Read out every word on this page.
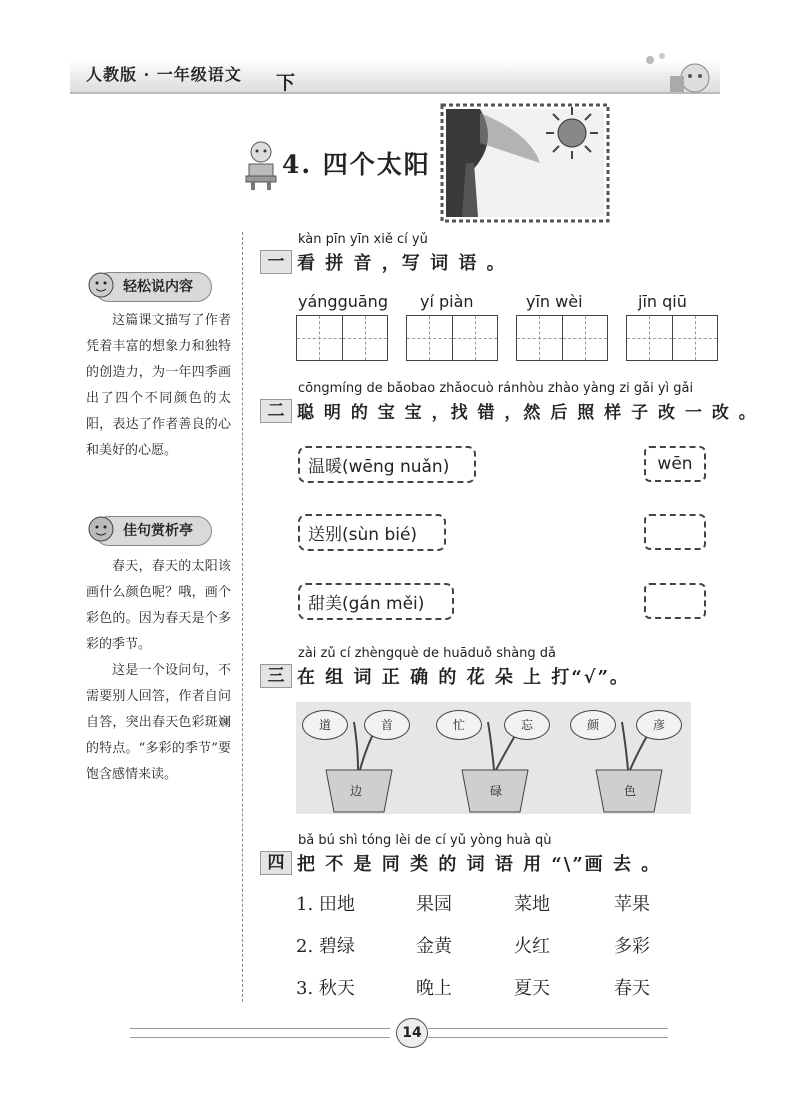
人教版 · 一年级语文 下
4. 四个太阳
轻松说内容
这篇课文描写了作者凭着丰富的想象力和独特的创造力，为一年四季画出了四个不同颜色的太阳，表达了作者善良的心和美好的心愿。
佳句赏析亭
春天，春天的太阳该画什么颜色呢？哦，画个彩色的。因为春天是个多彩的季节。
这是一个设问句，不需要别人回答，作者自问自答，突出春天色彩斑斓的特点。“多彩的季节”要饱含感情来读。
kàn pīn yīn xiě cí yǔ
一 看 拼 音 ，写 词 语 。
yángguāng yí piàn	yīn wèi	jīn qiū
cōngmíng de bǎobao zhǎocuò ránhòu zhào yàng zi gǎi yì gǎi
二 聪 明 的 宝 宝 ，找 错 ，然 后 照 样 子 改 一 改 。
温暖(wēng nuǎn)	wēn
送别(sùn bié)
甜美(gán měi)
zài zǔ cí zhèngquè de huāduǒ shàng dǎ
三 在 组 词 正 确 的 花 朵 上 打“√”。
道	首
边
忙	忘
碌
颜	彦
色
bǎ bú shì tóng lèi de cí yǔ yòng huà qù
四 把 不 是 同 类 的 词 语 用 “\”画 去 。
1. 田地	果园	菜地	苹果
2. 碧绿	金黄	火红	多彩
3. 秋天	晚上	夏天	春天
14
